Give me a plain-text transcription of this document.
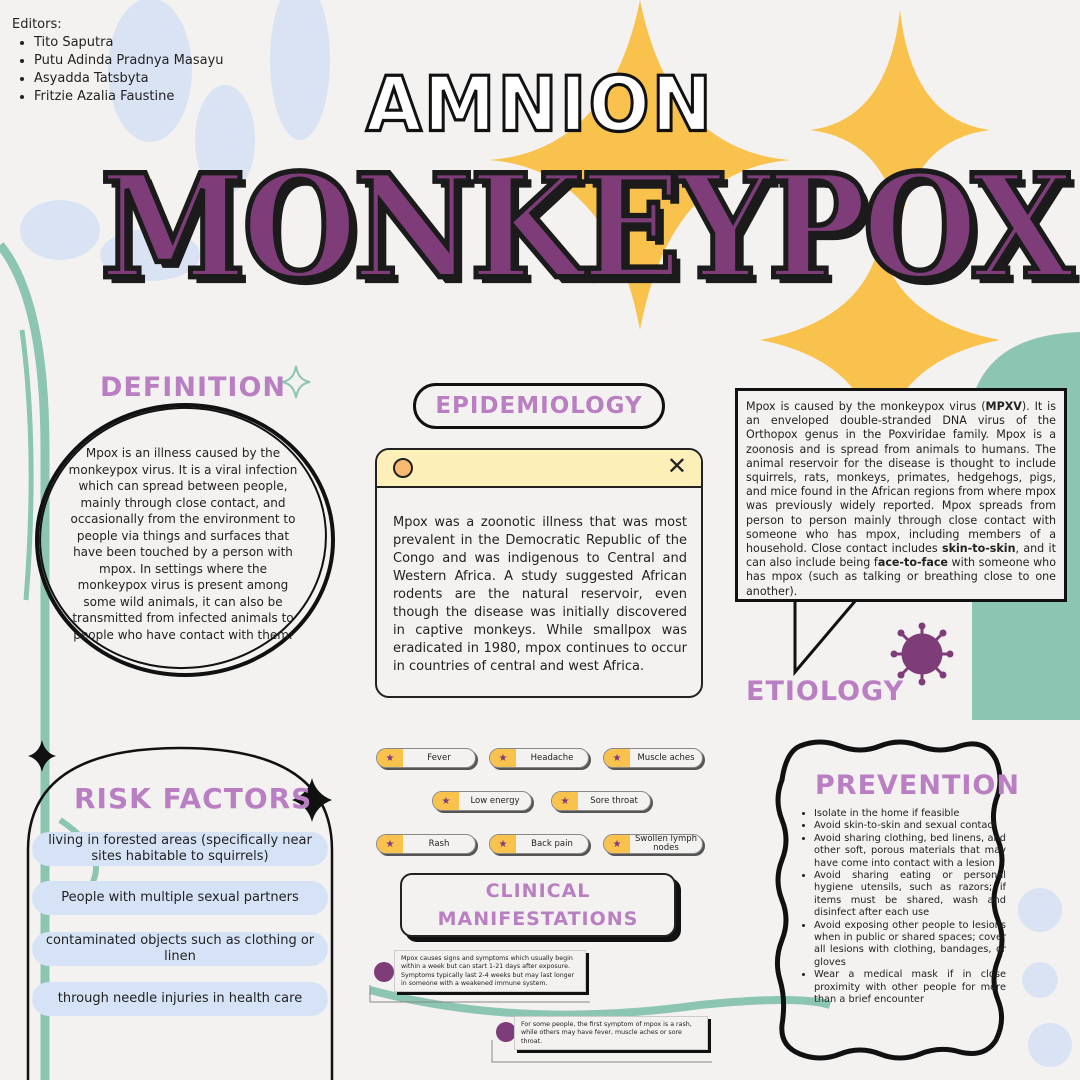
Editors:
• Tito Saputra
• Putu Adinda Pradnya Masayu
• Asyadda Tatsbyta
• Fritzie Azalia Faustine	AMNION
MONKEYPOX
DEFINITION
Mpox is an illness caused by the monkeypox virus. It is a viral infection which can spread between people, mainly through close contact, and occasionally from the environment to people via things and surfaces that have been touched by a person with mpox. In settings where the monkeypox virus is present among some wild animals, it can also be transmitted from infected animals to people who have contact with them.
EPIDEMIOLOGY
✕
Mpox was a zoonotic illness that was most prevalent in the Democratic Republic of the Congo and was indigenous to Central and Western Africa. A study suggested African rodents are the natural reservoir, even though the disease was initially discovered in captive monkeys. While smallpox was eradicated in 1980, mpox continues to occur in countries of central and west Africa.
Mpox is caused by the monkeypox virus (MPXV). It is an enveloped double-stranded DNA virus of the Orthopox genus in the Poxviridae family. Mpox is a zoonosis and is spread from animals to humans. The animal reservoir for the disease is thought to include squirrels, rats, monkeys, primates, hedgehogs, pigs, and mice found in the African regions from where mpox was previously widely reported. Mpox spreads from person to person mainly through close contact with someone who has mpox, including members of a household. Close contact includes skin-to-skin, and it can also include being face-to-face with someone who has mpox (such as talking or breathing close to one another).
ETIOLOGY
RISK FACTORS
living in forested areas (specifically near sites habitable to squirrels)
People with multiple sexual partners
contaminated objects such as clothing or linen
through needle injuries in health care
★	Fever	★	Headache	★	Muscle aches
★	Low energy	★	Sore throat
★	Rash	★	Back pain	★	Swollen lymph nodes
CLINICAL
MANIFESTATIONS
Mpox causes signs and symptoms which usually begin within a week but can start 1-21 days after exposure. Symptoms typically last 2-4 weeks but may last longer in someone with a weakened immune system.
For some people, the first symptom of mpox is a rash, while others may have fever, muscle aches or sore throat.
PREVENTION
• Isolate in the home if feasible
• Avoid skin-to-skin and sexual contact
• Avoid sharing clothing, bed linens, and other soft, porous materials that may have come into contact with a lesion
• Avoid sharing eating or personal hygiene utensils, such as razors; if items must be shared, wash and disinfect after each use
• Avoid exposing other people to lesions when in public or shared spaces; cover all lesions with clothing, bandages, or gloves
• Wear a medical mask if in close proximity with other people for more than a brief encounter
